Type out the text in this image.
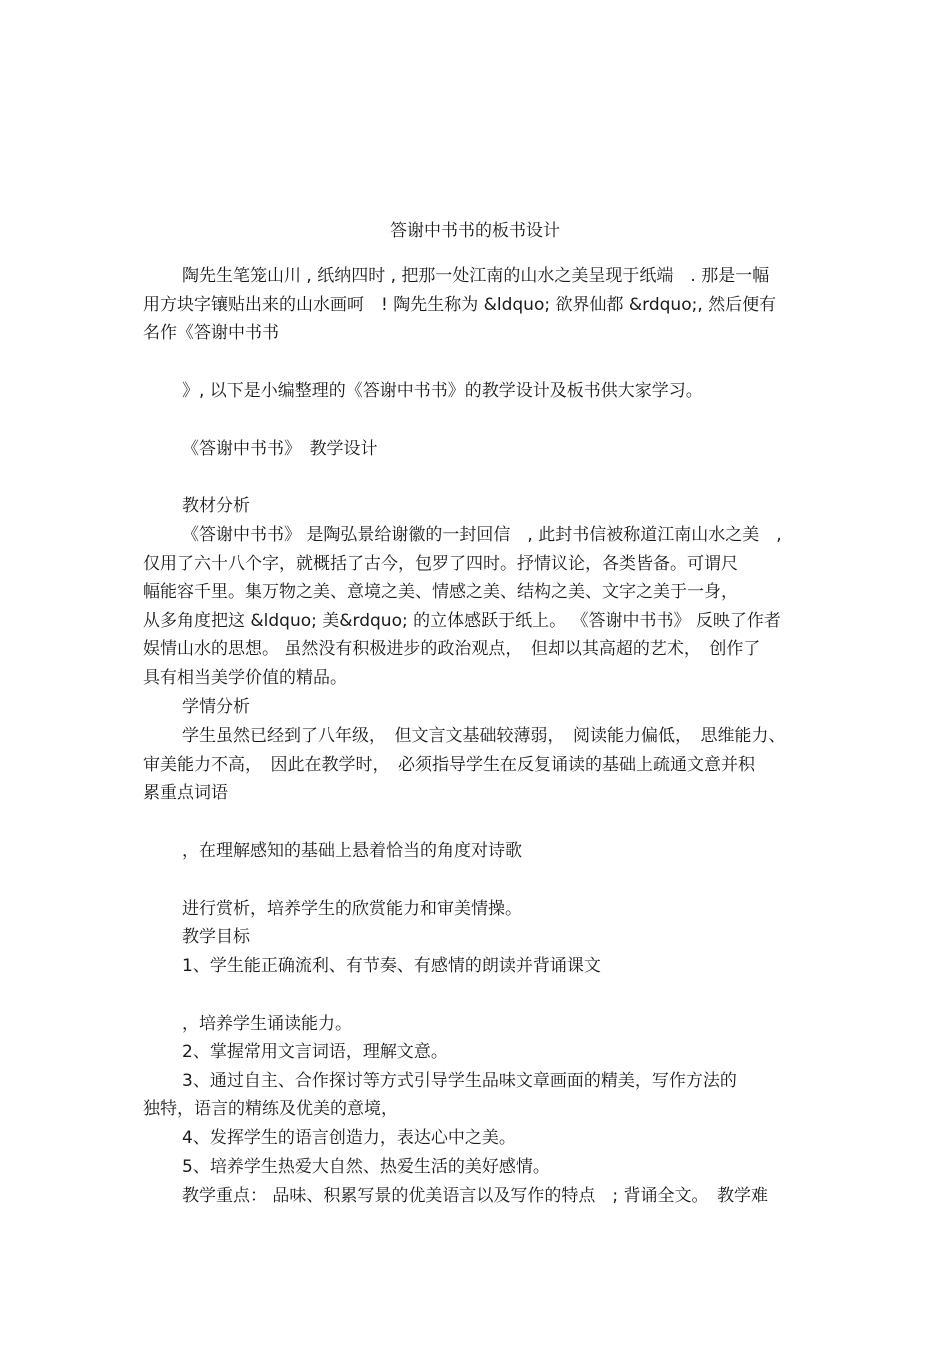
答谢中书书的板书设计

陶先生笔笼山川 , 纸纳四时 , 把那一处江南的山水之美呈现于纸端　. 那是一幅

用方块字镶贴出来的山水画呵　! 陶先生称为 &ldquo; 欲界仙都 &rdquo;, 然后便有

名作《答谢中书书

》, 以下是小编整理的《答谢中书书》的教学设计及板书供大家学习。

《答谢中书书》　教学设计

教材分析

《答谢中书书》 是陶弘景给谢徽的一封回信　, 此封书信被称道江南山水之美　,

仅用了六十八个字，就概括了古今，包罗了四时。抒情议论，各类皆备。可谓尺

幅能容千里。集万物之美、意境之美、情感之美、结构之美、文字之美于一身，

从多角度把这 &ldquo; 美&rdquo; 的立体感跃于纸上。 《答谢中书书》 反映了作者

娱情山水的思想。 虽然没有积极进步的政治观点，　但却以其高超的艺术，　创作了

具有相当美学价值的精品。

学情分析

学生虽然已经到了八年级，　但文言文基础较薄弱，　阅读能力偏低，　思维能力、

审美能力不高，　因此在教学时，　必须指导学生在反复诵读的基础上疏通文意并积

累重点词语

，在理解感知的基础上悬着恰当的角度对诗歌

进行赏析，培养学生的欣赏能力和审美情操。

教学目标

1、学生能正确流利、有节奏、有感情的朗读并背诵课文

，培养学生诵读能力。

2、掌握常用文言词语，理解文意。

3、通过自主、合作探讨等方式引导学生品味文章画面的精美，写作方法的

独特，语言的精练及优美的意境，

4、发挥学生的语言创造力，表达心中之美。

5、培养学生热爱大自然、热爱生活的美好感情。

教学重点： 品味、积累写景的优美语言以及写作的特点　; 背诵全文。　教学难
